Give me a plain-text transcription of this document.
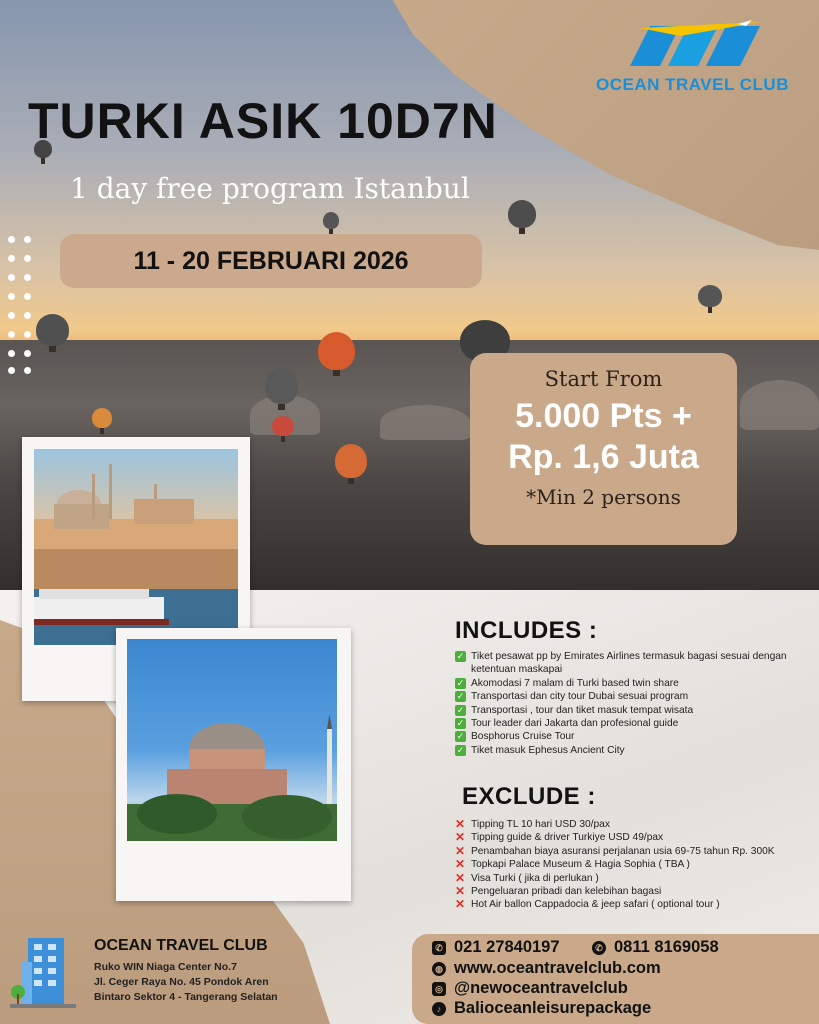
OCEAN TRAVEL CLUB
TURKI ASIK 10D7N
1 day free program Istanbul
11 - 20 FEBRUARI 2026
Start From
5.000 Pts +
Rp. 1,6 Juta
*Min 2 persons
INCLUDES :
✓ Tiket pesawat pp by Emirates Airlines termasuk bagasi sesuai dengan ketentuan maskapai
✓ Akomodasi 7 malam di Turki based twin share
✓ Transportasi dan city tour Dubai sesuai program
✓ Transportasi , tour dan tiket masuk tempat wisata
✓ Tour leader dari Jakarta dan profesional guide
✓ Bosphorus Cruise Tour
✓ Tiket masuk Ephesus Ancient City
EXCLUDE :
✕ Tipping TL 10 hari USD 30/pax
✕ Tipping guide & driver Turkiye USD 49/pax
✕ Penambahan biaya asuransi perjalanan usia 69-75 tahun Rp. 300K
✕ Topkapi Palace Museum & Hagia Sophia ( TBA )
✕ Visa Turki ( jika di perlukan )
✕ Pengeluaran pribadi dan kelebihan bagasi
✕ Hot Air ballon Cappadocia & jeep safari ( optional tour )
OCEAN TRAVEL CLUB
Ruko WIN Niaga Center No.7
Jl. Ceger Raya No. 45 Pondok Aren
Bintaro Sektor 4 - Tangerang Selatan
✆ 021 27840197	✆ 0811 8169058
◍ www.oceantravelclub.com
◎ @newoceantravelclub
♪ Balioceanleisurepackage
